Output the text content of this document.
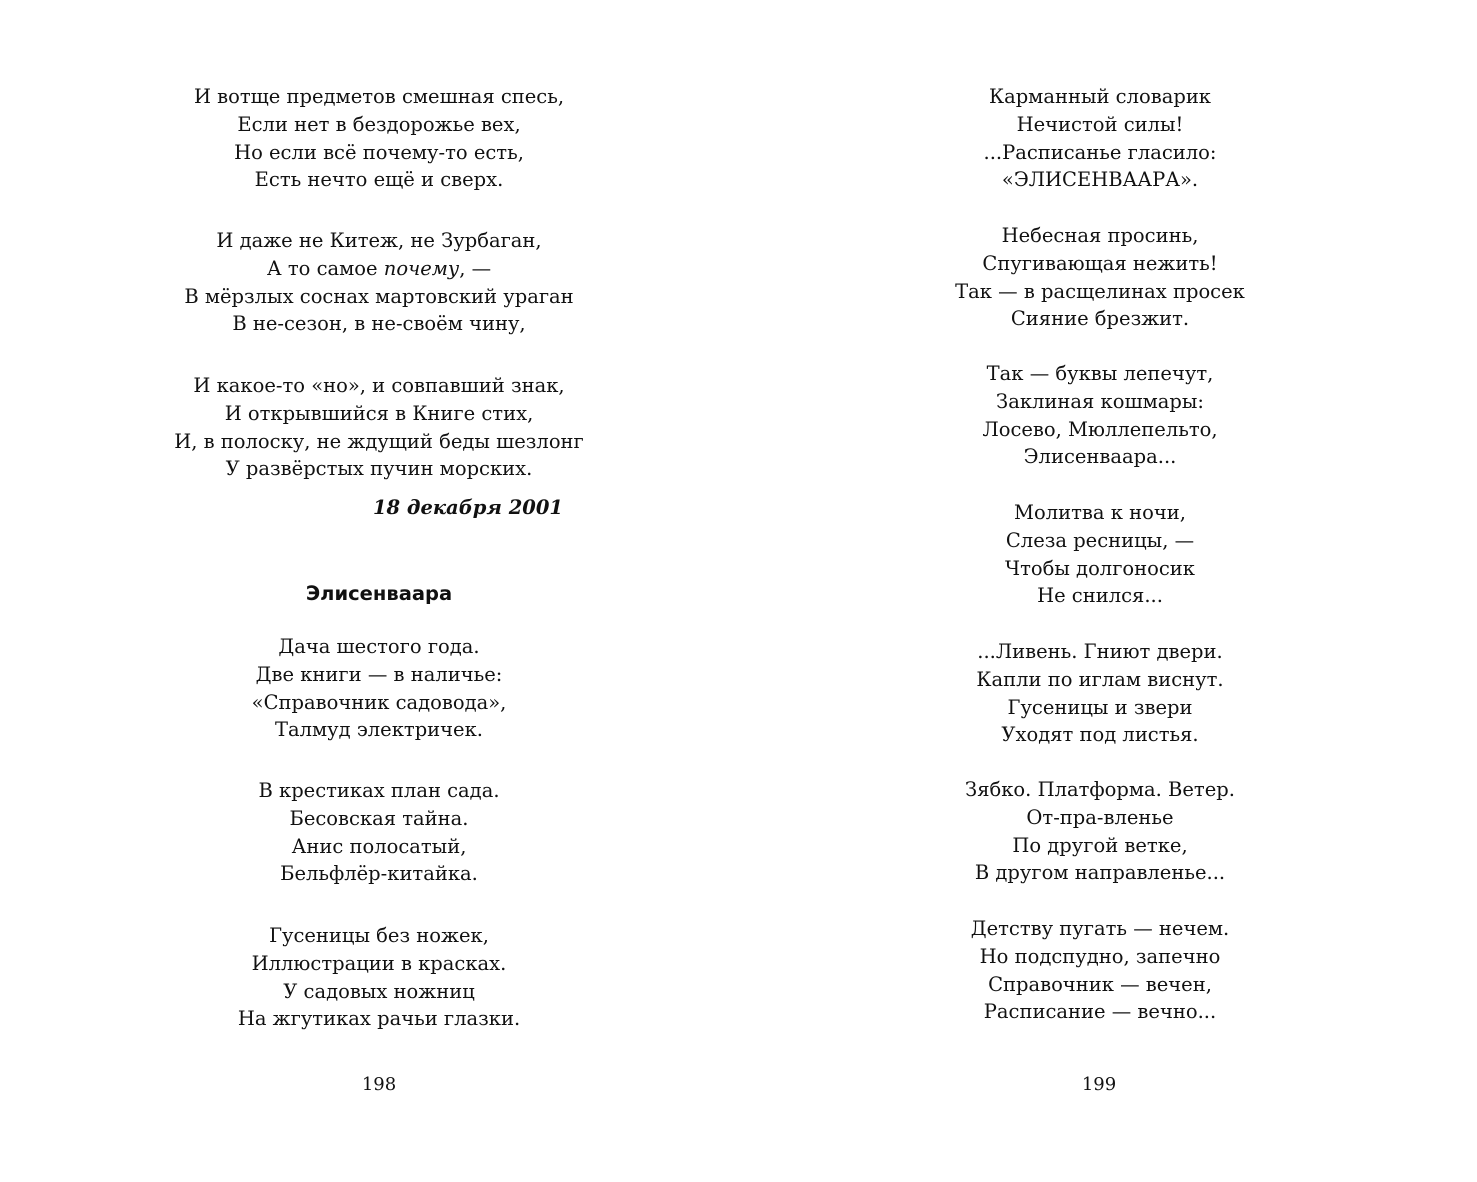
И вотще предметов смешная спесь,
Если нет в бездорожье вех,
Но если всё почему-то есть,
Есть нечто ещё и сверх.
И даже не Китеж, не Зурбаган,
А то самое почему, —
В мёрзлых соснах мартовский ураган
В не-сезон, в не-своём чину,
И какое-то «но», и совпавший знак,
И открывшийся в Книге стих,
И, в полоску, не ждущий беды шезлонг
У развёрстых пучин морских.
18 декабря 2001
Элисенваара
Дача шестого года.
Две книги — в наличье:
«Справочник садовода»,
Талмуд электричек.
В крестиках план сада.
Бесовская тайна.
Анис полосатый,
Бельфлёр-китайка.
Гусеницы без ножек,
Иллюстрации в красках.
У садовых ножниц
На жгутиках рачьи глазки.
198
Карманный словарик
Нечистой силы!
...Расписанье гласило:
«ЭЛИСЕНВААРА».
Небесная просинь,
Спугивающая нежить!
Так — в расщелинах просек
Сияние брезжит.
Так — буквы лепечут,
Заклиная кошмары:
Лосево, Мюллепельто,
Элисенваара...
Молитва к ночи,
Слеза ресницы, —
Чтобы долгоносик
Не снился...
...Ливень. Гниют двери.
Капли по иглам виснут.
Гусеницы и звери
Уходят под листья.
Зябко. Платформа. Ветер.
От-пра-вленье
По другой ветке,
В другом направленье...
Детству пугать — нечем.
Но подспудно, запечно
Справочник — вечен,
Расписание — вечно...
199
